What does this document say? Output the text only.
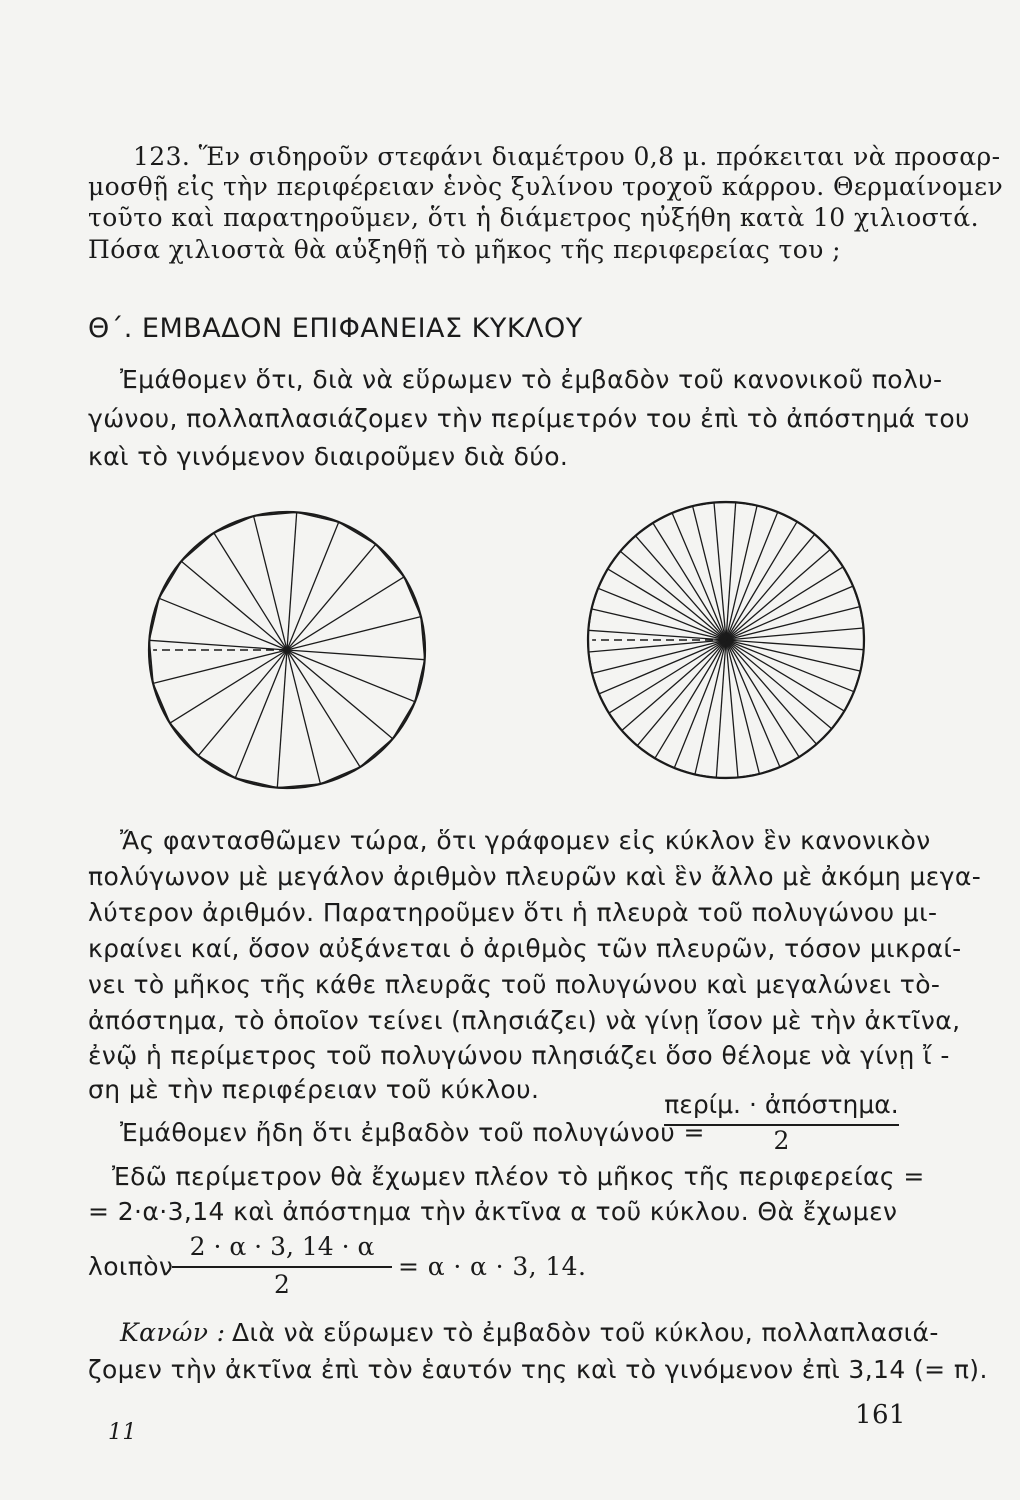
123. Ἕν σιδηροῦν στεφάνι διαμέτρου 0,8 μ. πρόκειται νὰ προσαρ-
μοσθῇ εἰς τὴν περιφέρειαν ἑνὸς ξυλίνου τροχοῦ κάρρου. Θερμαίνομεν
τοῦτο καὶ παρατηροῦμεν, ὅτι ἡ διάμετρος ηὐξήθη κατὰ 10 χιλιοστά.
Πόσα χιλιοστὰ θὰ αὐξηθῇ τὸ μῆκος τῆς περιφερείας του ;
Θ΄. ΕΜΒΑΔΟΝ ΕΠΙΦΑΝΕΙΑΣ ΚΥΚΛΟΥ
Ἐμάθομεν ὅτι, διὰ νὰ εὕρωμεν τὸ ἐμβαδὸν τοῦ κανονικοῦ πολυ-
γώνου, πολλαπλασιάζομεν τὴν περίμετρόν του ἐπὶ τὸ ἀπόστημά του
καὶ τὸ γινόμενον διαιροῦμεν διὰ δύο.
Ἄς φαντασθῶμεν τώρα, ὅτι γράφομεν εἰς κύκλον ἓν κανονικὸν
πολύγωνον μὲ μεγάλον ἀριθμὸν πλευρῶν καὶ ἓν ἄλλο μὲ ἀκόμη μεγα-
λύτερον ἀριθμόν. Παρατηροῦμεν ὅτι ἡ πλευρὰ τοῦ πολυγώνου μι-
κραίνει καί, ὅσον αὐξάνεται ὁ ἀριθμὸς τῶν πλευρῶν, τόσον μικραί-
νει τὸ μῆκος τῆς κάθε πλευρᾶς τοῦ πολυγώνου καὶ μεγαλώνει τὸ-
ἀπόστημα, τὸ ὁποῖον τείνει (πλησιάζει) νὰ γίνῃ ἴσον μὲ τὴν ἀκτῖνα,
ἐνῷ ἡ περίμετρος τοῦ πολυγώνου πλησιάζει ὅσο θέλομε νὰ γίνῃ ἴ -
ση μὲ τὴν περιφέρειαν τοῦ κύκλου.
Ἐμάθομεν ἤδη ὅτι ἐμβαδὸν τοῦ πολυγώνου =
περίμ. · ἀπόστημα.
2
Ἐδῶ περίμετρον θὰ ἔχωμεν πλέον τὸ μῆκος τῆς περιφερείας =
= 2·α·3,14 καὶ ἀπόστημα τὴν ἀκτῖνα α τοῦ κύκλου. Θὰ ἔχωμεν
λοιπὸν
2 · α · 3, 14 · α
2
= α · α · 3, 14.
Κανών : Διὰ νὰ εὕρωμεν τὸ ἐμβαδὸν τοῦ κύκλου, πολλαπλασιά-
ζομεν τὴν ἀκτῖνα ἐπὶ τὸν ἑαυτόν της καὶ τὸ γινόμενον ἐπὶ 3,14 (= π).
11
161
